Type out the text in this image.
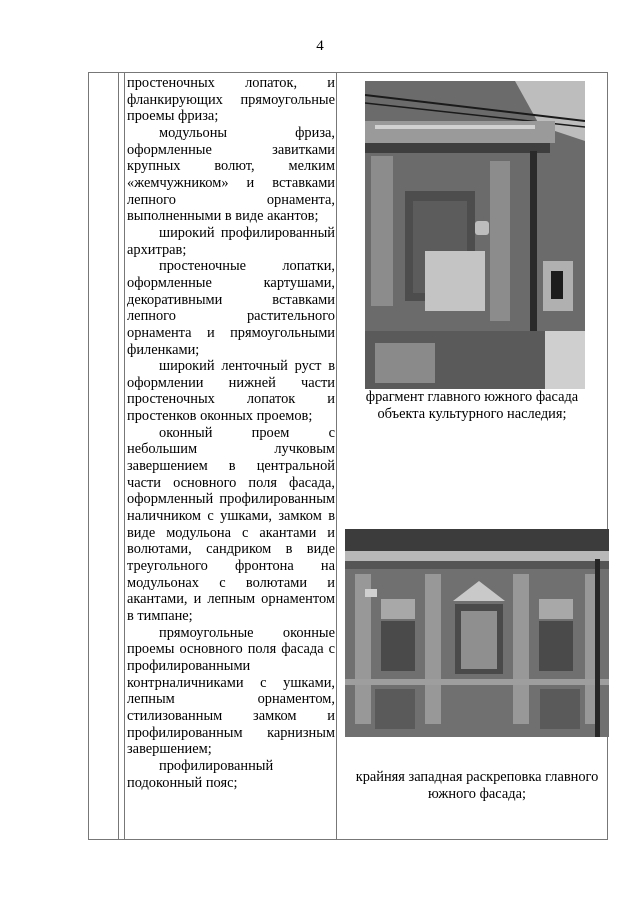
4

простеночных лопаток, и фланкирующих прямоугольные проемы фриза;

модульоны фриза, оформленные завитками крупных волют, мелким «жемчужником» и вставками лепного орнамента, выполненными в виде акантов;

широкий профилированный архитрав;

простеночные лопатки, оформленные картушами, декоративными вставками лепного растительного орнамента и прямоугольными филенками;

широкий ленточный руст в оформлении нижней части простеночных лопаток и простенков оконных проемов;

оконный проем с небольшим лучковым завершением в центральной части основного поля фасада, оформленный профилированным наличником с ушками, замком в виде модульона с акантами и волютами, сандриком в виде треугольного фронтона на модульонах с волютами и акантами, и лепным орнаментом в тимпане;

прямоугольные оконные проемы основного поля фасада с профилированными контрналичниками с ушками, лепным орнаментом, стилизованным замком и профилированным карнизным завершением;

профилированный подоконный пояс;

фрагмент главного южного фасада объекта культурного наследия;
крайняя западная раскреповка главного южного фасада;
